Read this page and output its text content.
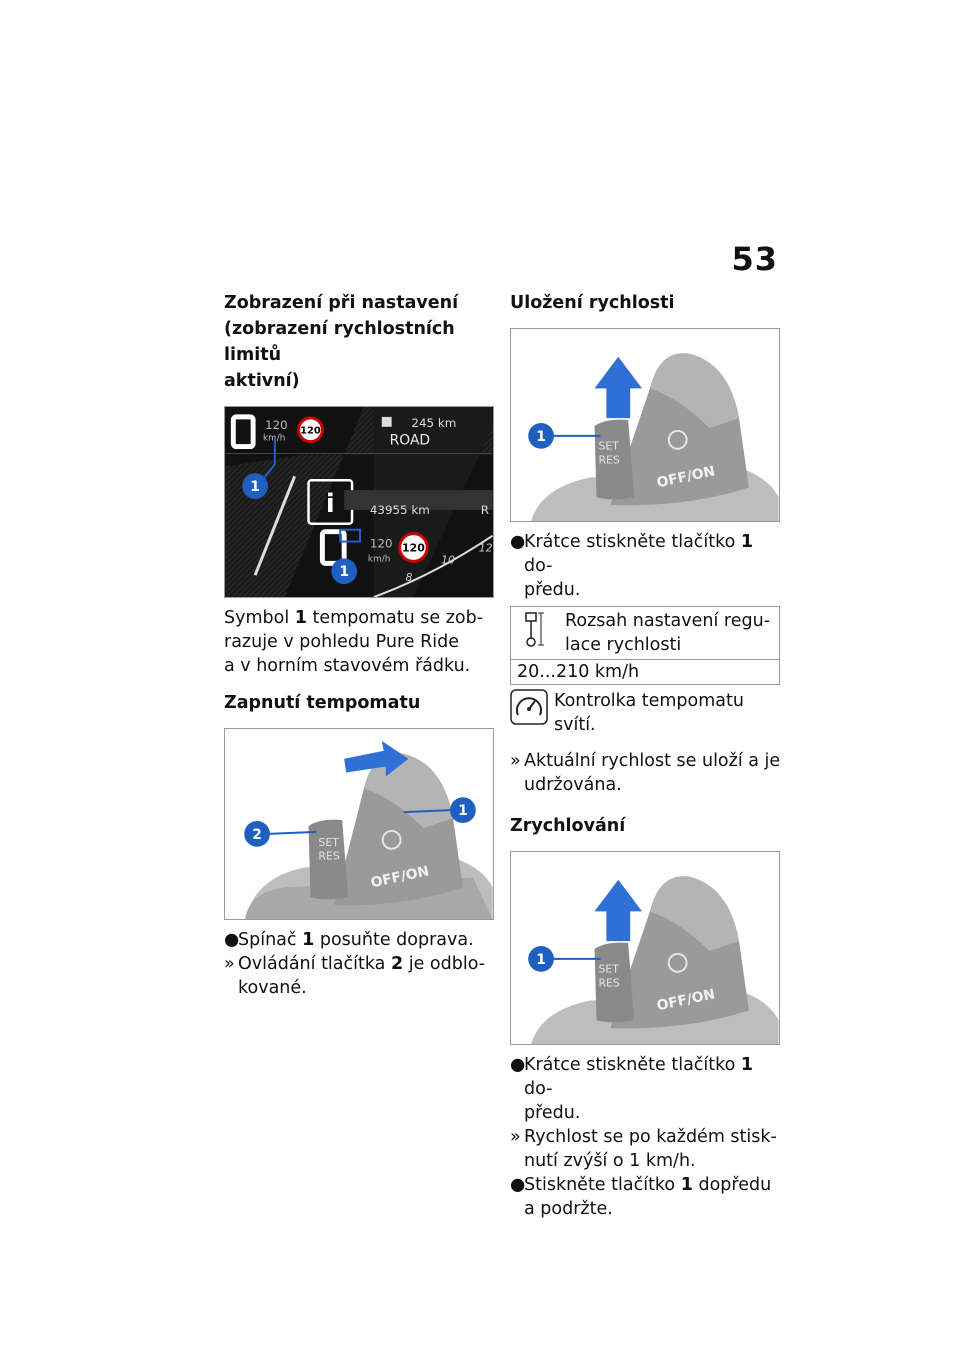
53
Zobrazení při nastavení
(zobrazení rychlostních limitů
aktivní)
120
km/h
120
245 km
ROAD
1
i	43955 km	R
120
km/h
120
1
10
8
12

Symbol 1 tempomatu se zob-
razuje v pohledu Pure Ride
a v horním stavovém řádku.

Zapnutí tempomatu
SET
RES
OFF/ON
2
1
●
Spínač 1 posuňte doprava.
» Ovládání tlačítka 2 je odblo-
kované.
Uložení rychlosti
SET
RES
OFF/ON
1
●
Krátce stiskněte tlačítko 1 do-
předu.
	Rozsah nastavení regu-
lace rychlosti
20...210 km/h
Kontrolka tempomatu
svítí.
» Aktuální rychlost se uloží a je
udržována.
Zrychlování
SET
RES
OFF/ON
1
●
Krátce stiskněte tlačítko 1 do-
předu.
» Rychlost se po každém stisk-
nutí zvýší o 1 km/h.
●
Stiskněte tlačítko 1 dopředu
a podržte.
